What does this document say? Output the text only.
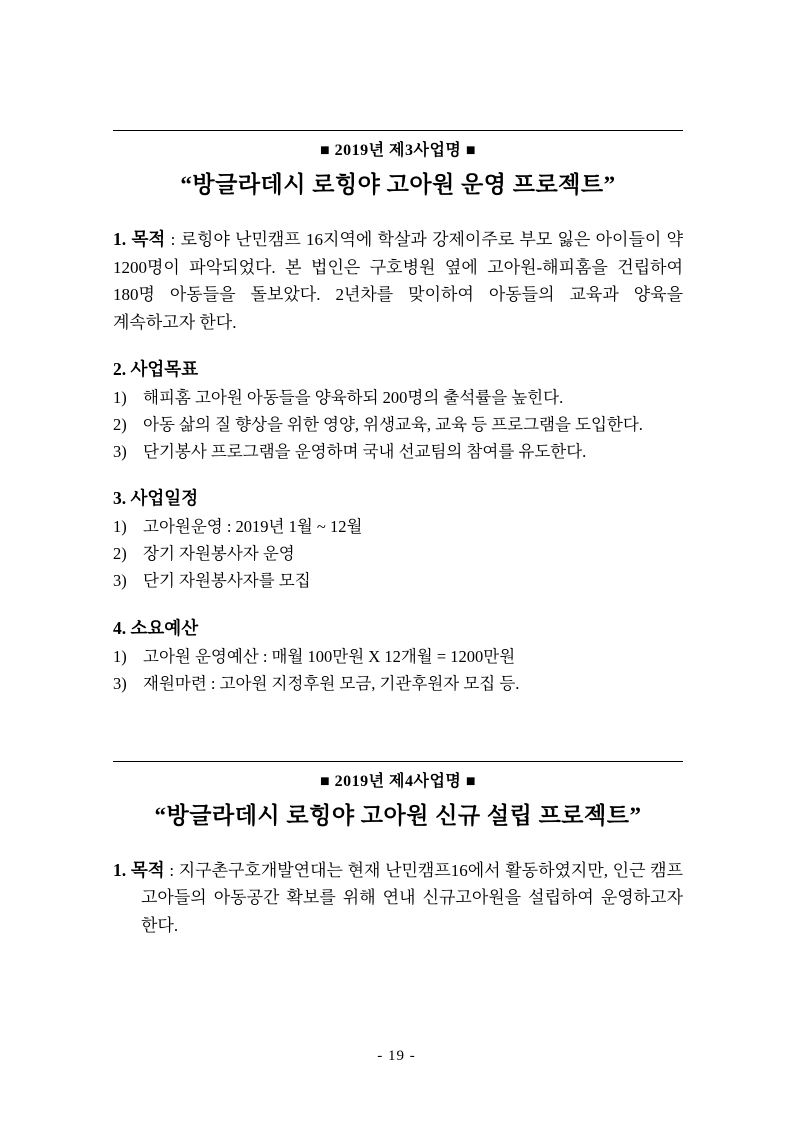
■ 2019년 제3사업명 ■
“방글라데시 로힝야 고아원 운영 프로젝트”

1. 목적 : 로힝야 난민캠프 16지역에 학살과 강제이주로 부모 잃은 아이들이 약 1200명이 파악되었다. 본 법인은 구호병원 옆에 고아원-해피홈을 건립하여 180명 아동들을 돌보았다. 2년차를 맞이하여 아동들의 교육과 양육을 계속하고자 한다.

2. 사업목표
1) 해피홈 고아원 아동들을 양육하되 200명의 출석률을 높힌다.
2) 아동 삶의 질 향상을 위한 영양, 위생교육, 교육 등 프로그램을 도입한다.
3) 단기봉사 프로그램을 운영하며 국내 선교팀의 참여를 유도한다.
3. 사업일정
1) 고아원운영 : 2019년 1월 ~ 12월
2) 장기 자원봉사자 운영
3) 단기 자원봉사자를 모집
4. 소요예산
1) 고아원 운영예산 : 매월 100만원 X 12개월 = 1200만원
3) 재원마련 : 고아원 지정후원 모금, 기관후원자 모집 등.
■ 2019년 제4사업명 ■
“방글라데시 로힝야 고아원 신규 설립 프로젝트”

1. 목적 : 지구촌구호개발연대는 현재 난민캠프16에서 활동하였지만, 인근 캠프 고아들의 아동공간 확보를 위해 연내 신규고아원을 설립하여 운영하고자 한다.

- 19 -
